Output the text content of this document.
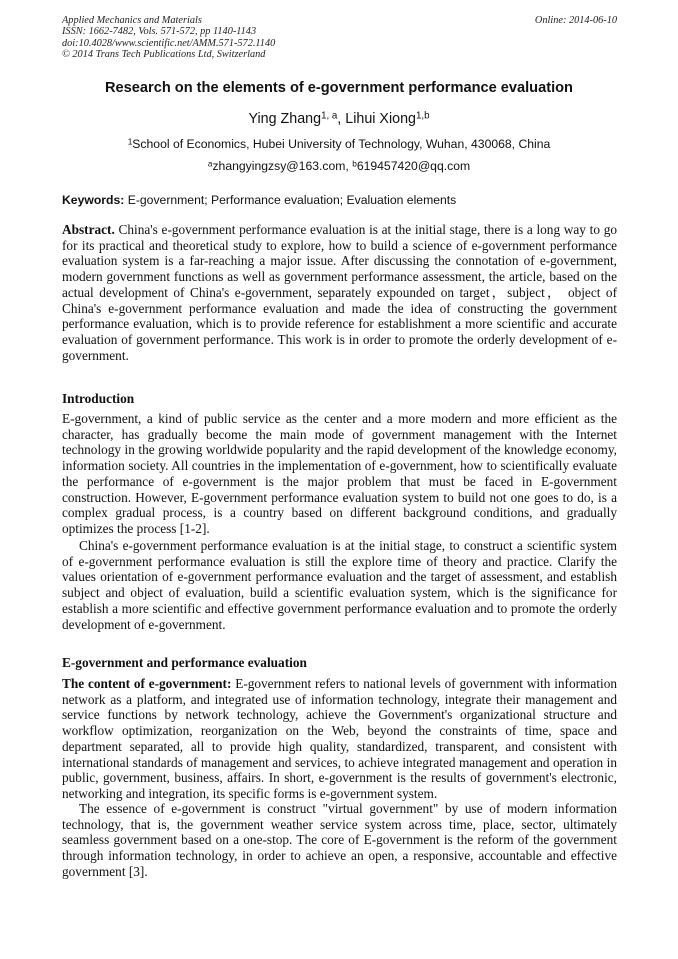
Applied Mechanics and Materials
ISSN: 1662-7482, Vols. 571-572, pp 1140-1143
doi:10.4028/www.scientific.net/AMM.571-572.1140
© 2014 Trans Tech Publications Ltd, Switzerland
Online: 2014-06-10
Research on the elements of e-government performance evaluation
Ying Zhang$^{1, a}$, Lihui Xiong$^{1,b}$
$^1$School of Economics, Hubei University of Technology, Wuhan, 430068, China
$^a$zhangyingzsy@163.com, $^b$619457420@qq.com
Keywords: E-government; Performance evaluation; Evaluation elements
Abstract. China's e-government performance evaluation is at the initial stage, there is a long way to go for its practical and theoretical study to explore, how to build a science of e-government performance evaluation system is a far-reaching a major issue. After discussing the connotation of e-government, modern government functions as well as government performance assessment, the article, based on the actual development of China's e-government, separately expounded on target，subject， object of China's e-government performance evaluation and made the idea of constructing the government performance evaluation, which is to provide reference for establishment a more scientific and accurate evaluation of government performance. This work is in order to promote the orderly development of e-government.
Introduction
E-government, a kind of public service as the center and a more modern and more efficient as the character, has gradually become the main mode of government management with the Internet technology in the growing worldwide popularity and the rapid development of the knowledge economy, information society. All countries in the implementation of e-government, how to scientifically evaluate the performance of e-government is the major problem that must be faced in E-government construction. However, E-government performance evaluation system to build not one goes to do, is a complex gradual process, is a country based on different background conditions, and gradually optimizes the process [1-2].
China's e-government performance evaluation is at the initial stage, to construct a scientific system of e-government performance evaluation is still the explore time of theory and practice. Clarify the values orientation of e-government performance evaluation and the target of assessment, and establish subject and object of evaluation, build a scientific evaluation system, which is the significance for establish a more scientific and effective government performance evaluation and to promote the orderly development of e-government.
E-government and performance evaluation
The content of e-government: E-government refers to national levels of government with information network as a platform, and integrated use of information technology, integrate their management and service functions by network technology, achieve the Government's organizational structure and workflow optimization, reorganization on the Web, beyond the constraints of time, space and department separated, all to provide high quality, standardized, transparent, and consistent with international standards of management and services, to achieve integrated management and operation in public, government, business, affairs. In short, e-government is the results of government's electronic, networking and integration, its specific forms is e-government system.
The essence of e-government is construct "virtual government" by use of modern information technology, that is, the government weather service system across time, place, sector, ultimately seamless government based on a one-stop. The core of E-government is the reform of the government through information technology, in order to achieve an open, a responsive, accountable and effective government [3].
